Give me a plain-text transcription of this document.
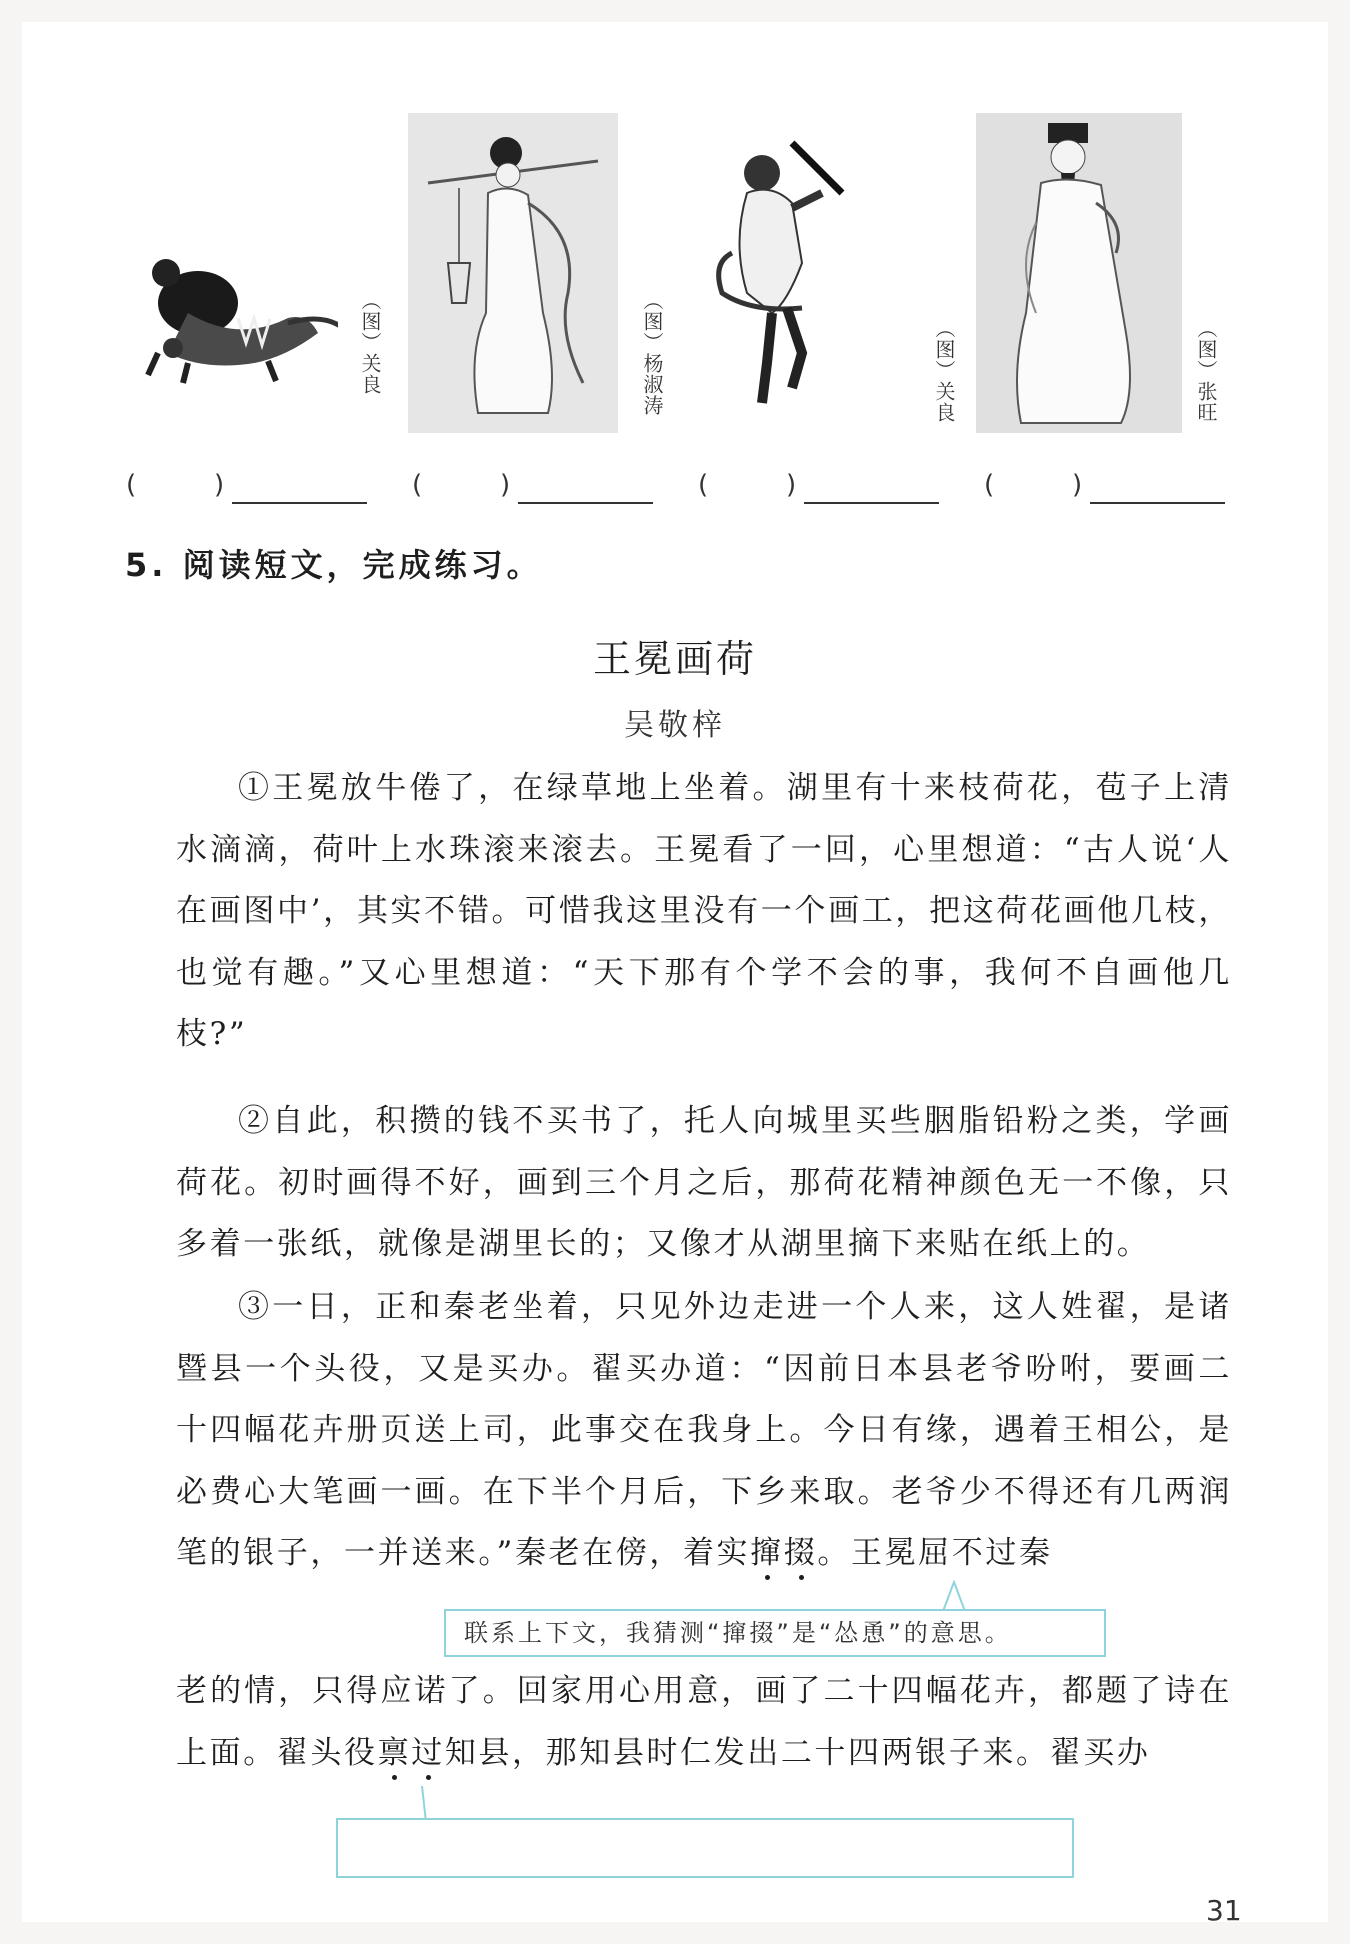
（图）关良	（图）杨淑涛	（图）关良	（图）张旺
(	)	(	)	(	)	(	)
5. 阅读短文，完成练习。
王冕画荷
吴敬梓

①王冕放牛倦了，在绿草地上坐着。湖里有十来枝荷花，苞子上清水滴滴，荷叶上水珠滚来滚去。王冕看了一回，心里想道：“古人说‘人在画图中’，其实不错。可惜我这里没有一个画工，把这荷花画他几枝，也觉有趣。”又心里想道：“天下那有个学不会的事，我何不自画他几枝?”

②自此，积攒的钱不买书了，托人向城里买些胭脂铅粉之类，学画荷花。初时画得不好，画到三个月之后，那荷花精神颜色无一不像，只多着一张纸，就像是湖里长的；又像才从湖里摘下来贴在纸上的。

③一日，正和秦老坐着，只见外边走进一个人来，这人姓翟，是诸暨县一个头役，又是买办。翟买办道：“因前日本县老爷吩咐，要画二十四幅花卉册页送上司，此事交在我身上。今日有缘，遇着王相公，是必费心大笔画一画。在下半个月后，下乡来取。老爷少不得还有几两润笔的银子，一并送来。”秦老在傍，着实撺掇。王冕屈不过秦

联系上下文，我猜测“撺掇”是“怂恿”的意思。

老的情，只得应诺了。回家用心用意，画了二十四幅花卉，都题了诗在上面。翟头役禀过知县，那知县时仁发出二十四两银子来。翟买办

31
